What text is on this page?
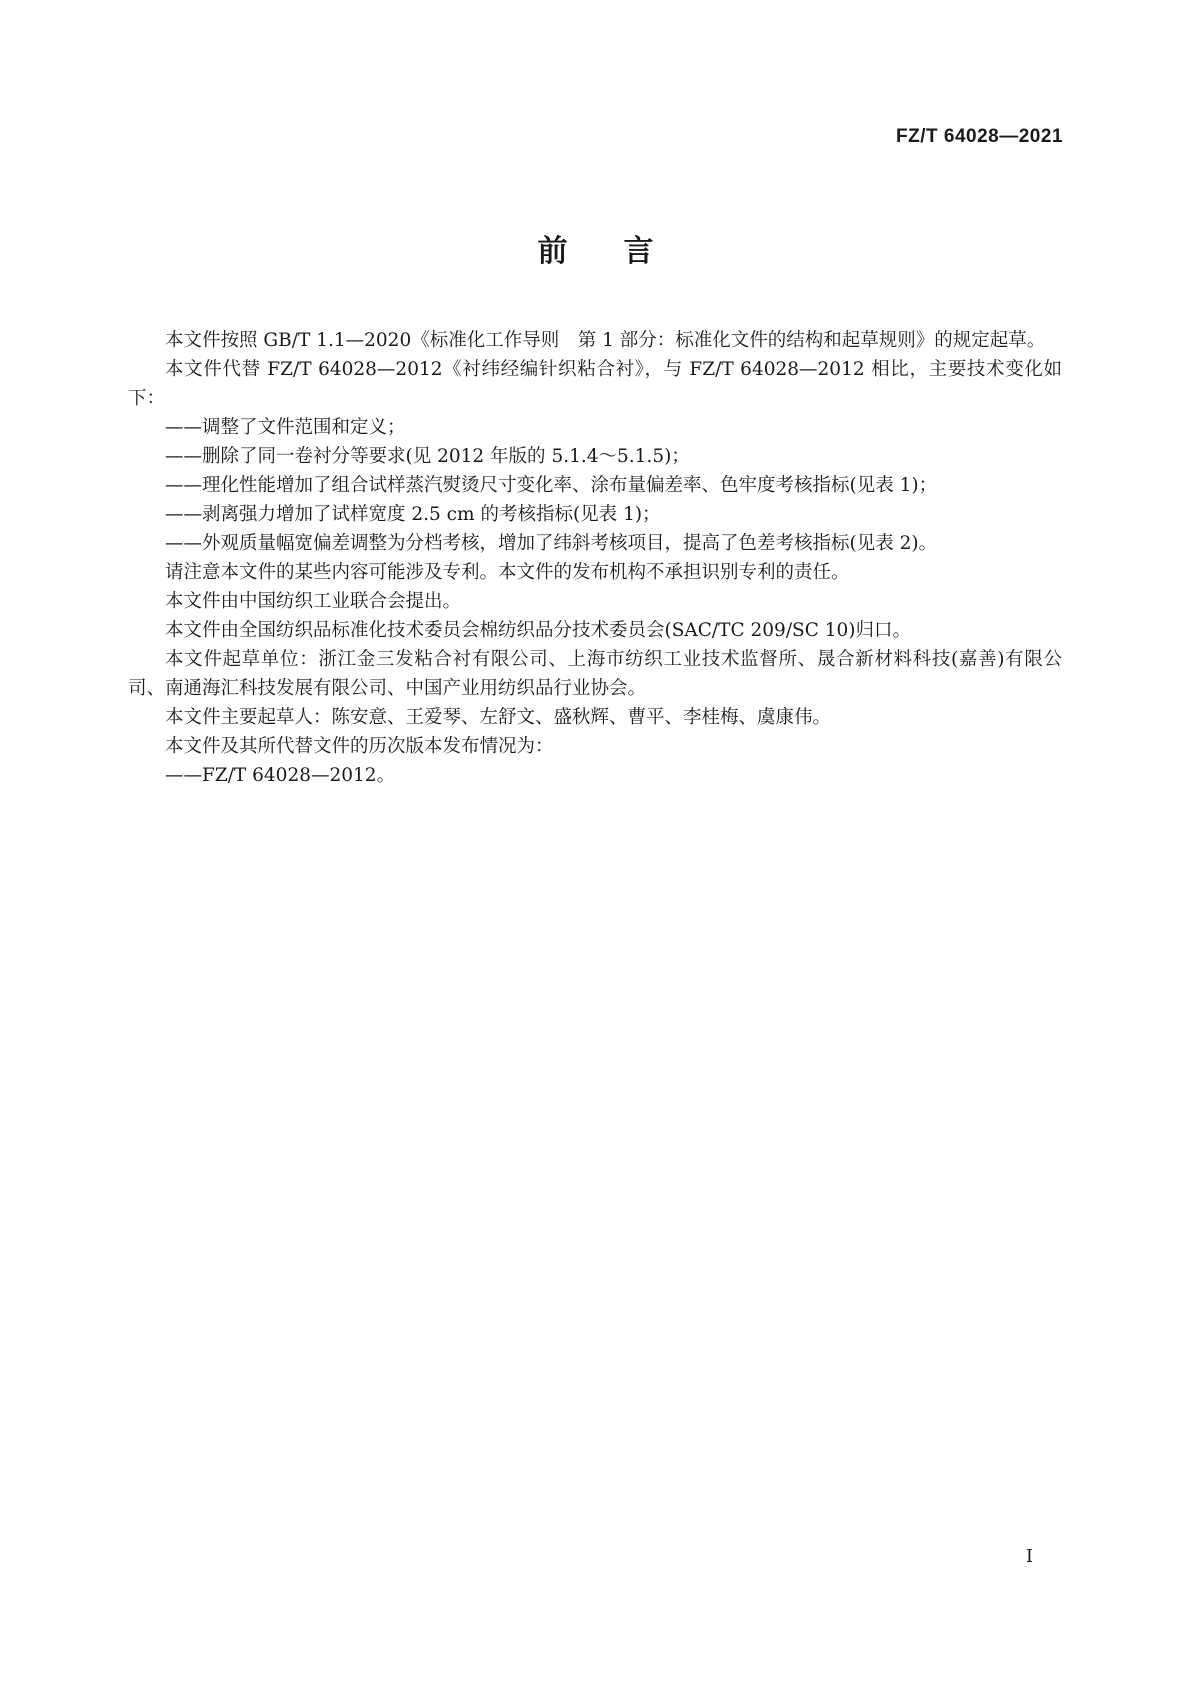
FZ/T 64028—2021
前言

本文件按照 GB/T 1.1—2020《标准化工作导则　第 1 部分：标准化文件的结构和起草规则》的规定起草。

本文件代替 FZ/T 64028—2012《衬纬经编针织粘合衬》，与 FZ/T 64028—2012 相比，主要技术变化如下：

——调整了文件范围和定义；

——删除了同一卷衬分等要求(见 2012 年版的 5.1.4～5.1.5)；

——理化性能增加了组合试样蒸汽熨烫尺寸变化率、涂布量偏差率、色牢度考核指标(见表 1)；

——剥离强力增加了试样宽度 2.5 cm 的考核指标(见表 1)；

——外观质量幅宽偏差调整为分档考核，增加了纬斜考核项目，提高了色差考核指标(见表 2)。

请注意本文件的某些内容可能涉及专利。本文件的发布机构不承担识别专利的责任。

本文件由中国纺织工业联合会提出。

本文件由全国纺织品标准化技术委员会棉纺织品分技术委员会(SAC/TC 209/SC 10)归口。

本文件起草单位：浙江金三发粘合衬有限公司、上海市纺织工业技术监督所、晟合新材料科技(嘉善)有限公司、南通海汇科技发展有限公司、中国产业用纺织品行业协会。

本文件主要起草人：陈安意、王爱琴、左舒文、盛秋辉、曹平、李桂梅、虞康伟。

本文件及其所代替文件的历次版本发布情况为：

——FZ/T 64028—2012。

I
